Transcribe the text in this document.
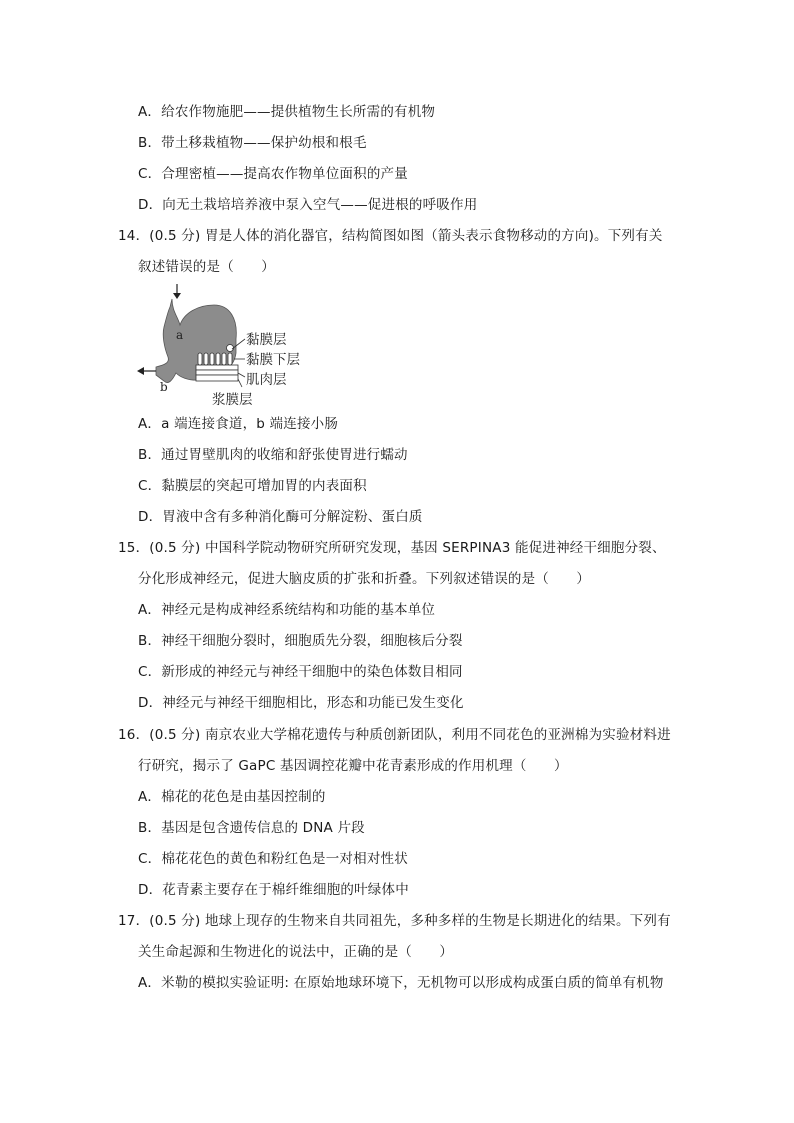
A．给农作物施肥——提供植物生长所需的有机物
B．带土移栽植物——保护幼根和根毛
C．合理密植——提高农作物单位面积的产量
D．向无土栽培培养液中泵入空气——促进根的呼吸作用
14．(0.5 分) 胃是人体的消化器官，结构简图如图（箭头表示食物移动的方向)。下列有关
叙述错误的是（　　）
a
b
黏膜层
黏膜下层
肌肉层
浆膜层
A．a 端连接食道，b 端连接小肠
B．通过胃壁肌肉的收缩和舒张使胃进行蠕动
C．黏膜层的突起可增加胃的内表面积
D．胃液中含有多种消化酶可分解淀粉、蛋白质
15．(0.5 分) 中国科学院动物研究所研究发现，基因 SERPINA3 能促进神经干细胞分裂、
分化形成神经元，促进大脑皮质的扩张和折叠。下列叙述错误的是（　　）
A．神经元是构成神经系统结构和功能的基本单位
B．神经干细胞分裂时，细胞质先分裂，细胞核后分裂
C．新形成的神经元与神经干细胞中的染色体数目相同
D．神经元与神经干细胞相比，形态和功能已发生变化
16．(0.5 分) 南京农业大学棉花遗传与种质创新团队，利用不同花色的亚洲棉为实验材料进
行研究，揭示了 GaPC 基因调控花瓣中花青素形成的作用机理（　　）
A．棉花的花色是由基因控制的
B．基因是包含遗传信息的 DNA 片段
C．棉花花色的黄色和粉红色是一对相对性状
D．花青素主要存在于棉纤维细胞的叶绿体中
17．(0.5 分) 地球上现存的生物来自共同祖先，多种多样的生物是长期进化的结果。下列有
关生命起源和生物进化的说法中，正确的是（　　）
A．米勒的模拟实验证明: 在原始地球环境下，无机物可以形成构成蛋白质的简单有机物
